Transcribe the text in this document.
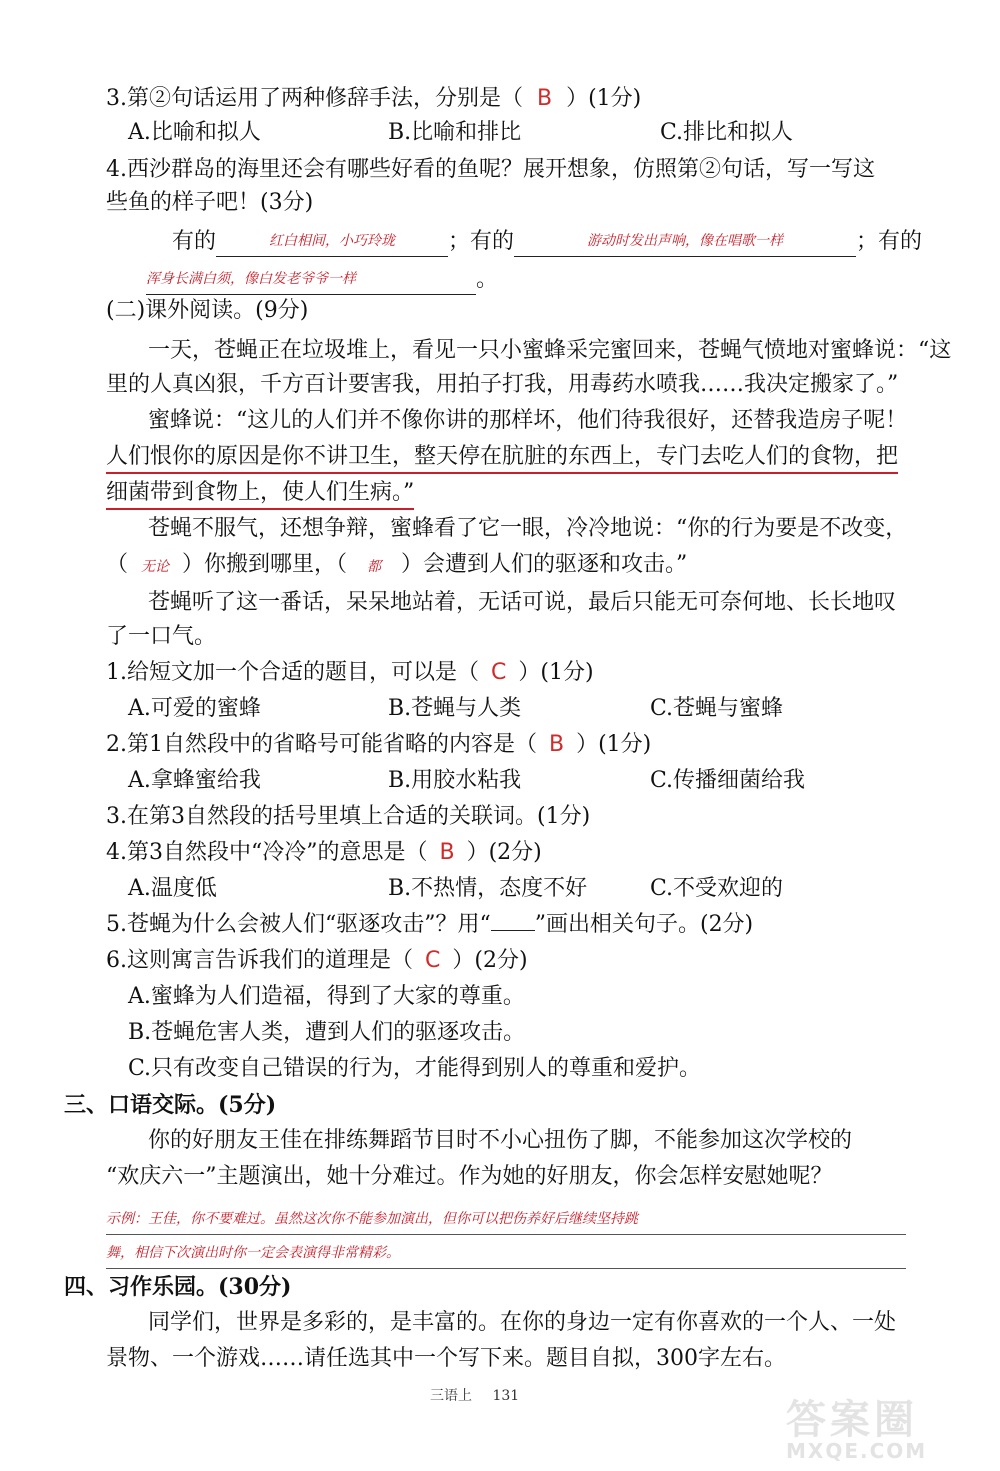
3.第②句话运用了两种修辞手法，分别是（ B ）(1分)
A.比喻和拟人	B.比喻和排比	C.排比和拟人
4.西沙群岛的海里还会有哪些好看的鱼呢？展开想象，仿照第②句话，写一写这
些鱼的样子吧！(3分)
有的	红白相间，小巧玲珑 ；有的	游动时发出声响，像在唱歌一样	；有的
浑身长满白须，像白发老爷爷一样	。
(二)课外阅读。(9分)
一天，苍蝇正在垃圾堆上，看见一只小蜜蜂采完蜜回来，苍蝇气愤地对蜜蜂说：“这
里的人真凶狠，千方百计要害我，用拍子打我，用毒药水喷我……我决定搬家了。”
蜜蜂说：“这儿的人们并不像你讲的那样坏，他们待我很好，还替我造房子呢！
人们恨你的原因是你不讲卫生，整天停在肮脏的东西上，专门去吃人们的食物，把
细菌带到食物上，使人们生病。”
苍蝇不服气，还想争辩，蜜蜂看了它一眼，冷冷地说：“你的行为要是不改变，
（ 无论 ）你搬到哪里，（ 都 ）会遭到人们的驱逐和攻击。”
苍蝇听了这一番话，呆呆地站着，无话可说，最后只能无可奈何地、长长地叹
了一口气。
1.给短文加一个合适的题目，可以是（ C ）(1分)
A.可爱的蜜蜂	B.苍蝇与人类	C.苍蝇与蜜蜂
2.第1自然段中的省略号可能省略的内容是（ B ）(1分)
A.拿蜂蜜给我	B.用胶水粘我	C.传播细菌给我
3.在第3自然段的括号里填上合适的关联词。(1分)
4.第3自然段中“冷冷”的意思是（ B ）(2分)
A.温度低	B.不热情，态度不好	C.不受欢迎的
5.苍蝇为什么会被人们“驱逐攻击”？用“ ”画出相关句子。(2分)
6.这则寓言告诉我们的道理是（ C ）(2分)
A.蜜蜂为人们造福，得到了大家的尊重。
B.苍蝇危害人类，遭到人们的驱逐攻击。
C.只有改变自己错误的行为，才能得到别人的尊重和爱护。
三、口语交际。(5分)
你的好朋友王佳在排练舞蹈节目时不小心扭伤了脚，不能参加这次学校的
“欢庆六一”主题演出，她十分难过。作为她的好朋友，你会怎样安慰她呢？
示例：王佳，你不要难过。虽然这次你不能参加演出，但你可以把伤养好后继续坚持跳
舞，相信下次演出时你一定会表演得非常精彩。
四、习作乐园。(30分)
同学们，世界是多彩的，是丰富的。在你的身边一定有你喜欢的一个人、一处
景物、一个游戏……请任选其中一个写下来。题目自拟，300字左右。
三语上 131
答案圈
MXQE.COM
